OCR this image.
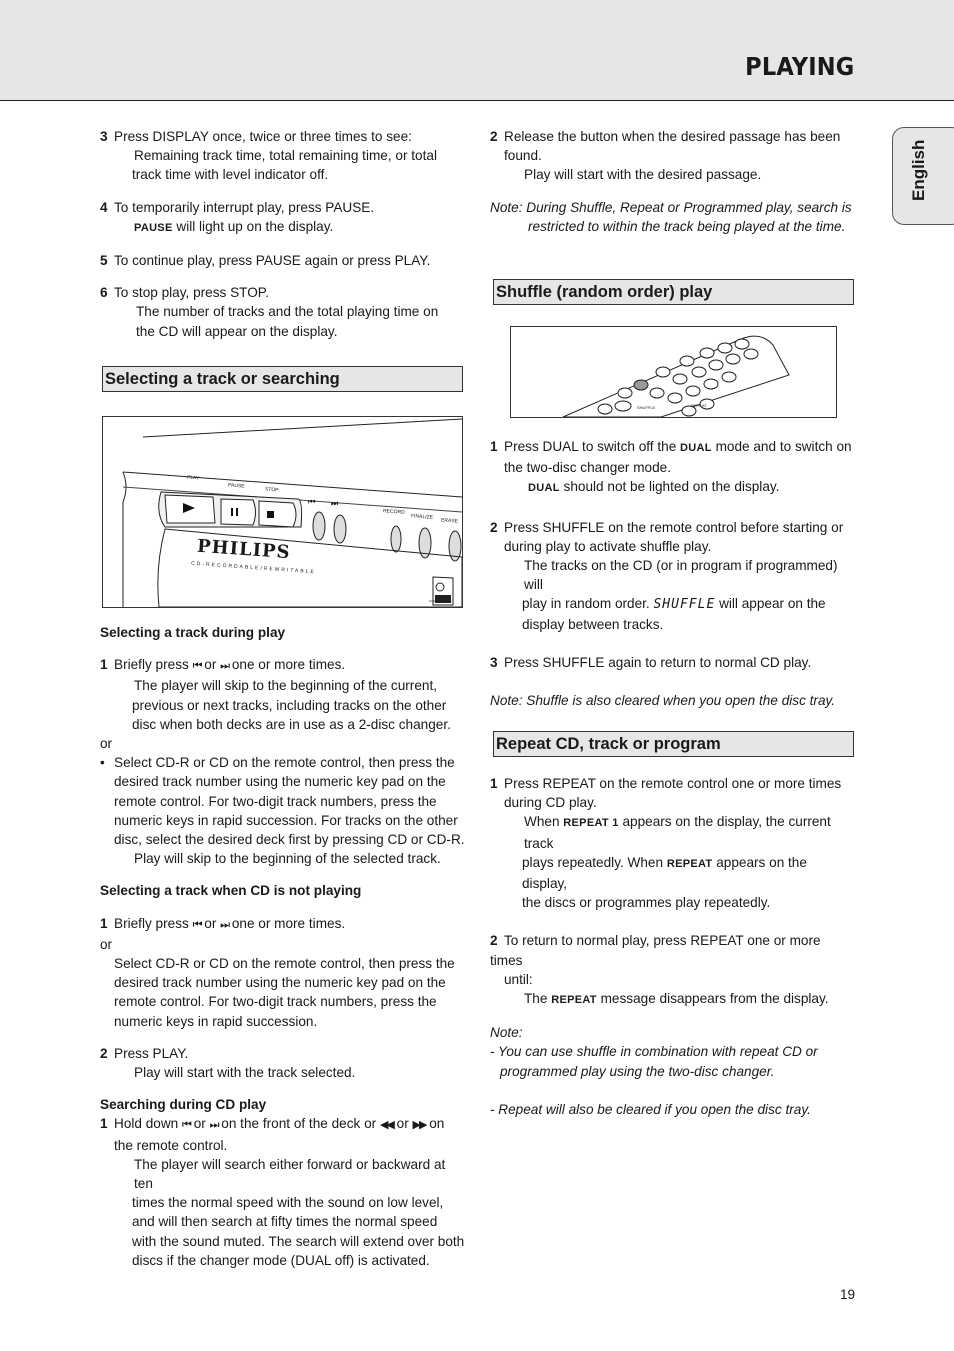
PLAYING
English

3 Press DISPLAY once, twice or three times to see:

Remaining track time, total remaining time, or total

track time with level indicator off.

4 To temporarily interrupt play, press PAUSE.

PAUSE will light up on the display.

5 To continue play, press PAUSE again or press PLAY.

6 To stop play, press STOP.

The number of tracks and the total playing time on

the CD will appear on the display.

Selecting a track or searching
⏮ ⏭
PLAY
PAUSE
STOP
RECORD
FINALIZE
ERASE
PHILIPS
CD-RECORDABLE/REWRITABLE
COMPACT DISC

Selecting a track during play

1 Briefly press ⏮ or ⏭ one or more times.

The player will skip to the beginning of the current,

previous or next tracks, including tracks on the other

disc when both decks are in use as a 2-disc changer.

or

• Select CD-R or CD on the remote control, then press the

desired track number using the numeric key pad on the

remote control. For two-digit track numbers, press the

numeric keys in rapid succession. For tracks on the other

disc, select the desired deck first by pressing CD or CD-R.

Play will skip to the beginning of the selected track.

Selecting a track when CD is not playing

1 Briefly press ⏮ or ⏭ one or more times.

or

Select CD-R or CD on the remote control, then press the

desired track number using the numeric key pad on the

remote control. For two-digit track numbers, press the

numeric keys in rapid succession.

2 Press PLAY.

Play will start with the track selected.

Searching during CD play

1 Hold down ⏮ or ⏭ on the front of the deck or ◀◀ or ▶▶ on

the remote control.

The player will search either forward or backward at ten

times the normal speed with the sound on low level,

and will then search at fifty times the normal speed

with the sound muted. The search will extend over both

discs if the changer mode (DUAL off) is activated.

2 Release the button when the desired passage has been

found.

Play will start with the desired passage.

Note: During Shuffle, Repeat or Programmed play, search is

restricted to within the track being played at the time.

Shuffle (random order) play
SHUFFLE	REPEAT

1 Press DUAL to switch off the DUAL mode and to switch on

the two-disc changer mode.

DUAL should not be lighted on the display.

2 Press SHUFFLE on the remote control before starting or

during play to activate shuffle play.

The tracks on the CD (or in program if programmed) will

play in random order. SHUFFLE will appear on the

display between tracks.

3 Press SHUFFLE again to return to normal CD play.

Note: Shuffle is also cleared when you open the disc tray.

Repeat CD, track or program

1 Press REPEAT on the remote control one or more times

during CD play.

When REPEAT 1 appears on the display, the current track

plays repeatedly. When REPEAT appears on the display,

the discs or programmes play repeatedly.

2 To return to normal play, press REPEAT one or more times

until:

The REPEAT message disappears from the display.

Note:

- You can use shuffle in combination with repeat CD or

programmed play using the two-disc changer.

- Repeat will also be cleared if you open the disc tray.

19
